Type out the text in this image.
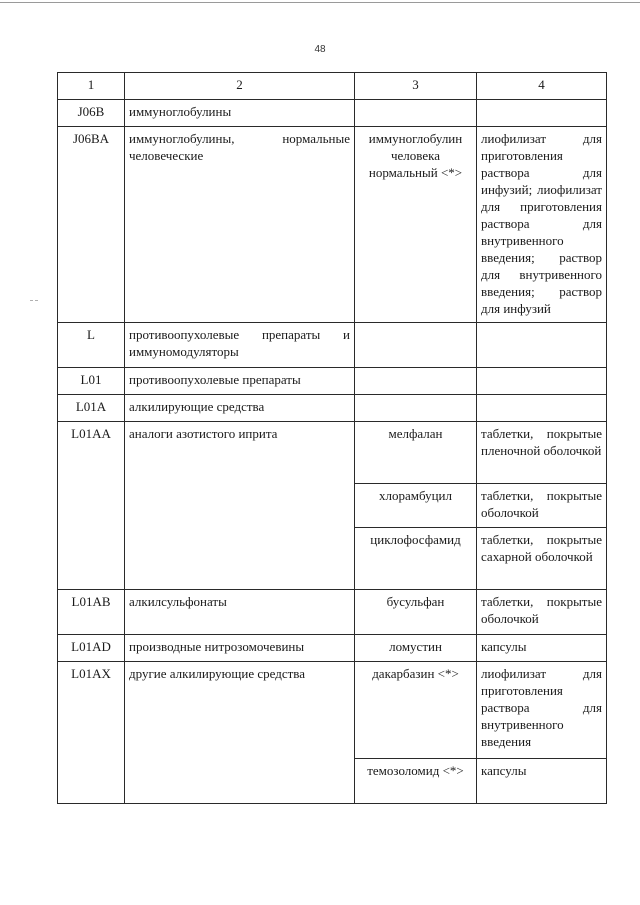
48
1	2	3	4

J06B	иммуноглобулины		

J06BA	иммуноглобулины, нормальные человеческие	иммуноглобулин человека нормальный <*>	лиофилизат для приготовления раствора для инфузий; лиофилизат для приготовления раствора для внутривенного введения; раствор для внутривенного введения; раствор для инфузий

L	противоопухолевые препараты и иммуномодуляторы		

L01	противоопухолевые препараты		

L01A	алкилирующие средства		

L01AA	аналоги азотистого иприта	мелфалан	таблетки, покрытые пленочной оболочкой

		хлорамбуцил	таблетки, покрытые оболочкой

		циклофосфамид	таблетки, покрытые сахарной оболочкой

L01AB	алкилсульфонаты	бусульфан	таблетки, покрытые оболочкой

L01AD	производные нитрозомочевины	ломустин	капсулы

L01AX	другие алкилирующие средства	дакарбазин <*>	лиофилизат для приготовления раствора для внутривенного введения

		темозоломид <*>	капсулы
